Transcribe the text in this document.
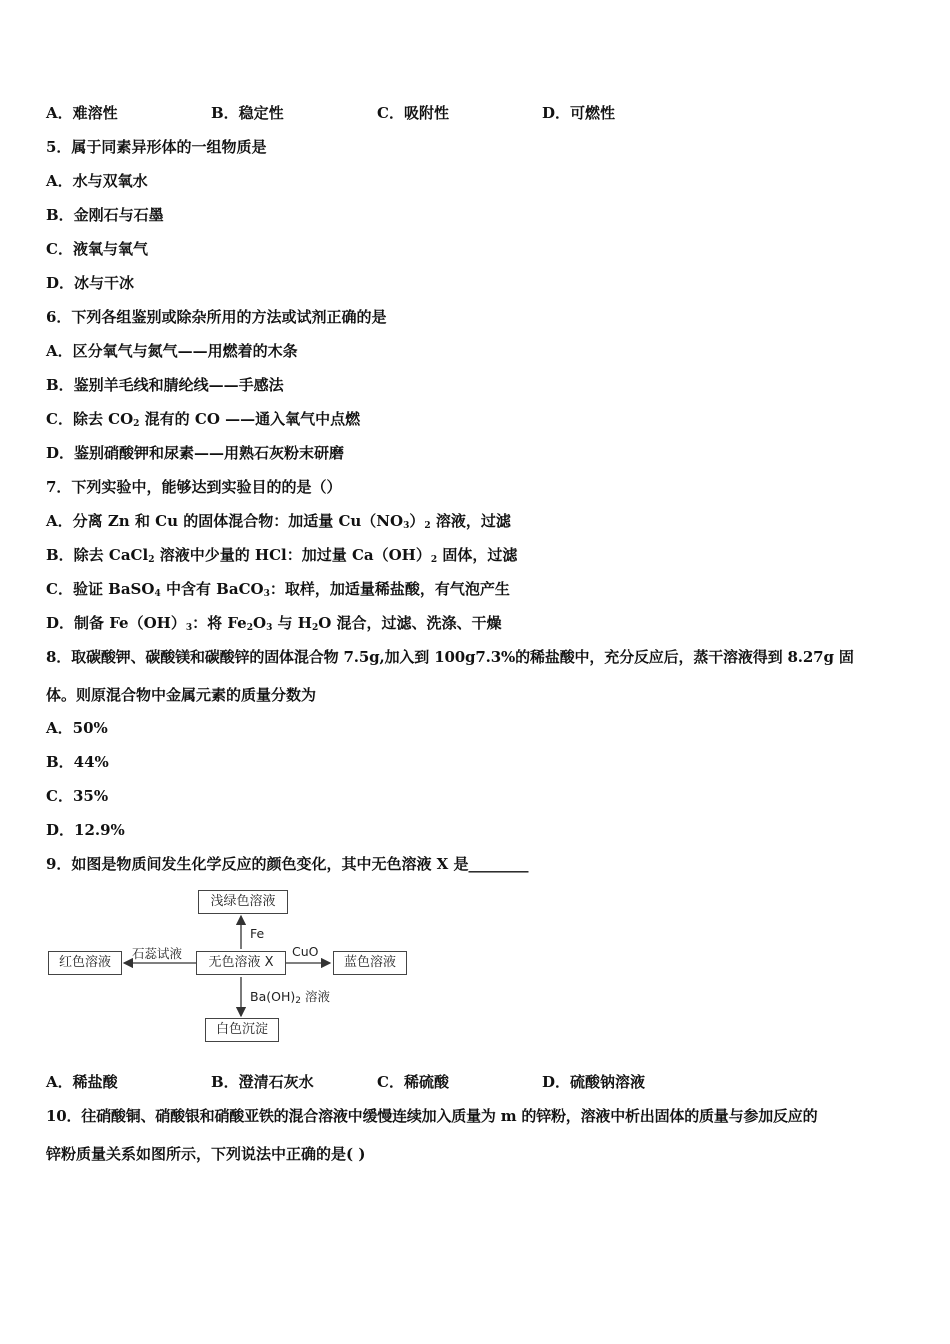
A．难溶性	B．稳定性	C．吸附性	D．可燃性
5．属于同素异形体的一组物质是
A．水与双氧水
B．金刚石与石墨
C．液氧与氧气
D．冰与干冰
6．下列各组鉴别或除杂所用的方法或试剂正确的是
A．区分氧气与氮气——用燃着的木条
B．鉴别羊毛线和腈纶线——手感法
C．除去 $CO_2$ 混有的 CO ——通入氧气中点燃
D．鉴别硝酸钾和尿素——用熟石灰粉末研磨
7．下列实验中，能够达到实验目的的是（）
A．分离 Zn 和 Cu 的固体混合物：加适量 $Cu(NO_3)_2$ 溶液，过滤
B．除去 CaCl$_2$ 溶液中少量的 HCl：加过量 $Ca(OH)_2$ 固体，过滤
C．验证 BaSO$_4$ 中含有 BaCO$_3$：取样，加适量稀盐酸，有气泡产生
D．制备 $Fe(OH)_3$：将 $Fe_2O_3$ 与 $H_2O$ 混合，过滤、洗涤、干燥
8．取碳酸钾、碳酸镁和碳酸锌的固体混合物 7.5g,加入到 100g7.3%的稀盐酸中，充分反应后，蒸干溶液得到 8.27g 固
体。则原混合物中金属元素的质量分数为
A．50%
B．44%
C．35%
D．12.9%
9．如图是物质间发生化学反应的颜色变化，其中无色溶液 X 是________
浅绿色溶液
无色溶液 X
红色溶液	蓝色溶液
白色沉淀
Fe
石蕊试液	CuO
$Ba(OH)_2$ 溶液
A．稀盐酸	B．澄清石灰水	C．稀硫酸	D．硫酸钠溶液
10．往硝酸铜、硝酸银和硝酸亚铁的混合溶液中缓慢连续加入质量为 m 的锌粉，溶液中析出固体的质量与参加反应的
锌粉质量关系如图所示，下列说法中正确的是( )
